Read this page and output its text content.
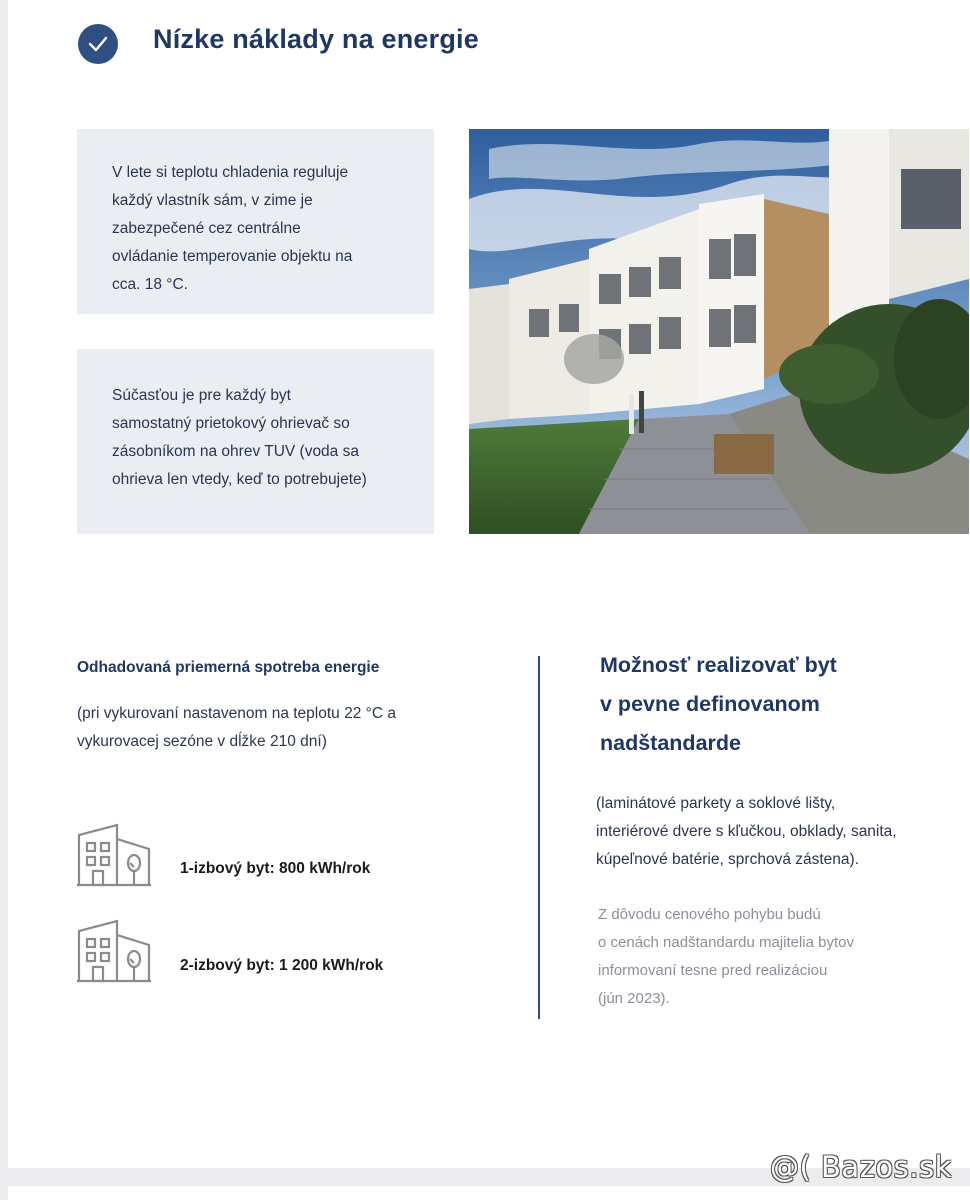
Nízke náklady na energie
V lete si teplotu chladenia reguluje
každý vlastník sám, v zime je
zabezpečené cez centrálne
ovládanie temperovanie objektu na
cca. 18 °C.
Súčasťou je pre každý byt
samostatný prietokový ohrievač so
zásobníkom na ohrev TUV (voda sa
ohrieva len vtedy, keď to potrebujete)
Odhadovaná priemerná spotreba energie
(pri vykurovaní nastavenom na teplotu 22 °C a
vykurovacej sezóne v dĺžke 210 dní)
1-izbový byt: 800 kWh/rok
2-izbový byt: 1 200 kWh/rok
Možnosť realizovať byt
v pevne definovanom
nadštandarde
(laminátové parkety a soklové lišty,
interiérové dvere s kľučkou, obklady, sanita,
kúpeľnové batérie, sprchová zástena).
Z dôvodu cenového pohybu budú
o cenách nadštandardu majitelia bytov
informovaní tesne pred realizáciou
(jún 2023).
@( Bazos.sk
